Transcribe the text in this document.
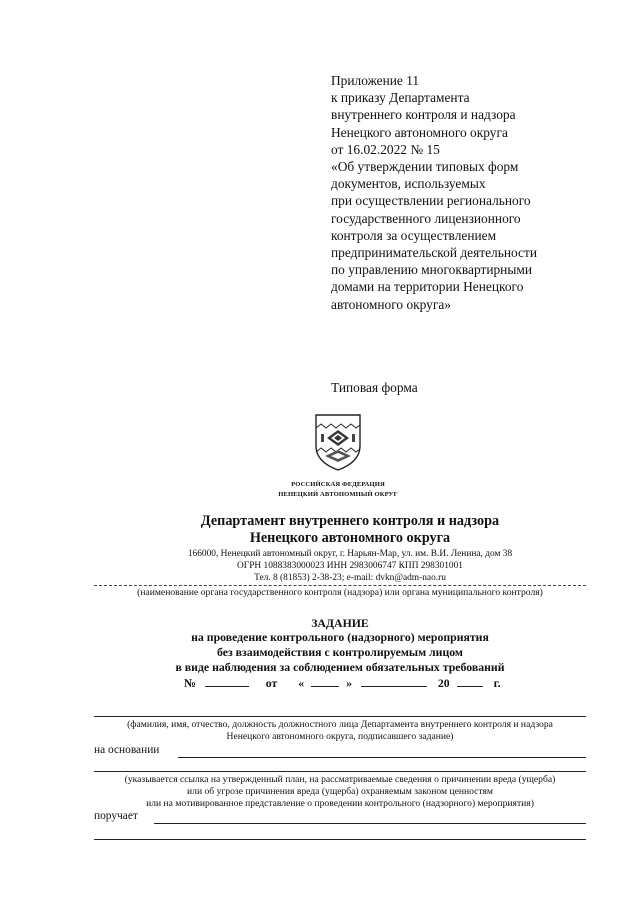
Приложение 11
к приказу Департамента
внутреннего контроля и надзора
Ненецкого автономного округа
от 16.02.2022 № 15
«Об утверждении типовых форм
документов, используемых
при осуществлении регионального
государственного лицензионного
контроля за осуществлением
предпринимательской деятельности
по управлению многоквартирными
домами на территории Ненецкого
автономного округа»
Типовая форма
РОССИЙСКАЯ ФЕДЕРАЦИЯ
НЕНЕЦКИЙ АВТОНОМНЫЙ ОКРУГ
Департамент внутреннего контроля и надзора
Ненецкого автономного округа
166000, Ненецкий автономный округ, г. Нарьян-Мар, ул. им. В.И. Ленина, дом 38
ОГРН 1088383000023 ИНН 2983006747 КПП 298301001
Тел. 8 (81853) 2-38-23; e-mail: dvkn@adm-nao.ru
(наименование органа государственного контроля (надзора) или органа муниципального контроля)
ЗАДАНИЕ
на проведение контрольного (надзорного) мероприятия
без взаимодействия с контролируемым лицом
в виде наблюдения за соблюдением обязательных требований
№	от «	»	20	г.
(фамилия, имя, отчество, должность должностного лица Департамента внутреннего контроля и надзора
Ненецкого автономного округа, подписавшего задание)
на основании
(указывается ссылка на утвержденный план, на рассматриваемые сведения о причинении вреда (ущерба)
или об угрозе причинения вреда (ущерба) охраняемым законом ценностям
или на мотивированное представление о проведении контрольного (надзорного) мероприятия)
поручает
